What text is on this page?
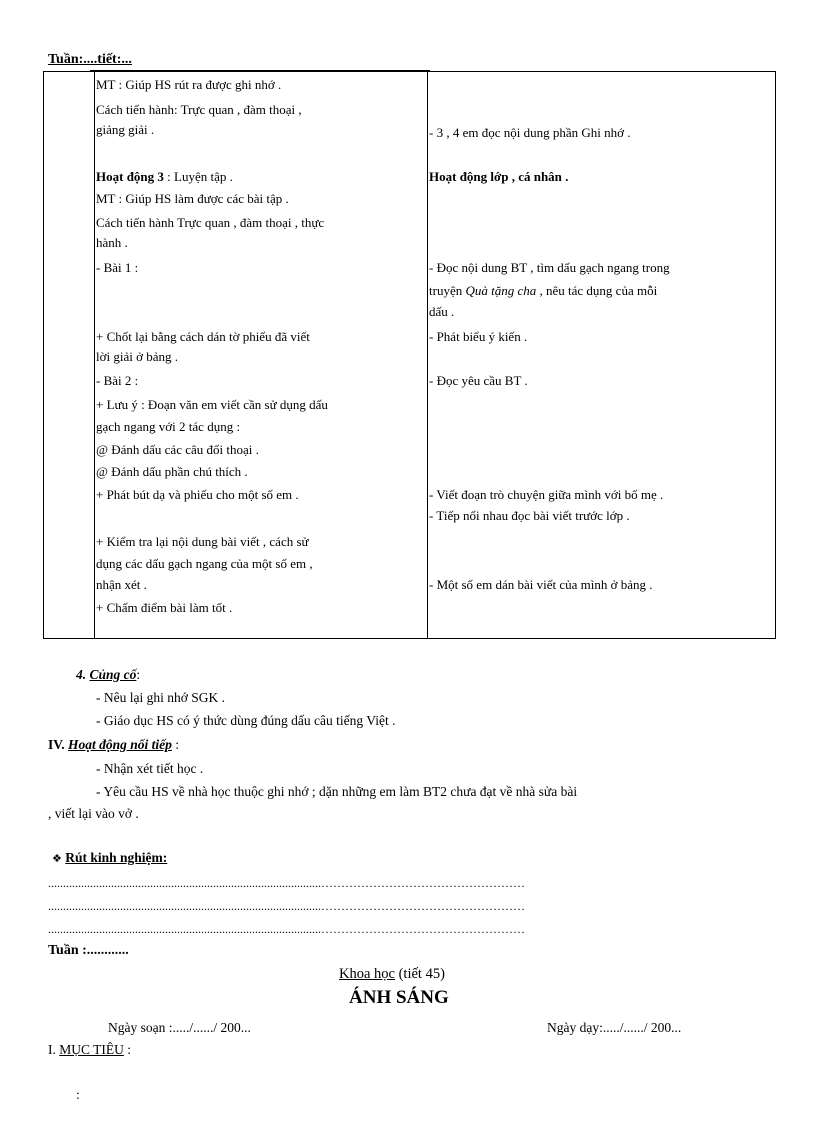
Tuần:....tiết:...
MT : Giúp HS rút ra được ghi nhớ .
Cách tiến hành: Trực quan , đàm thoại ,
giảng giải .
Hoạt động 3 : Luyện tập .
MT : Giúp HS làm được các bài tập .
Cách tiến hành Trực quan , đàm thoại , thực
hành .
- Bài 1 :
+ Chốt lại bằng cách dán tờ phiếu đã viết
lời giải ở bảng .
- Bài 2 :
+ Lưu ý : Đoạn văn em viết cần sử dụng dấu
gạch ngang với 2 tác dụng :
@ Đánh dấu các câu đối thoại .
@ Đánh dấu phần chú thích .
+ Phát bút dạ và phiếu cho một số em .
+ Kiểm tra lại nội dung bài viết , cách sử
dụng các dấu gạch ngang của một số em ,
nhận xét .
+ Chấm điểm bài làm tốt .
- 3 , 4 em đọc nội dung phần Ghi nhớ .
Hoạt động lớp , cá nhân .
- Đọc nội dung BT , tìm dấu gạch ngang trong
truyện Quà tặng cha , nêu tác dụng của mỗi
dấu .
- Phát biểu ý kiến .
- Đọc yêu cầu BT .
- Viết đoạn trò chuyện giữa mình với bố mẹ .
- Tiếp nối nhau đọc bài viết trước lớp .
- Một số em dán bài viết của mình ở bảng .
4. Củng cố:
- Nêu lại ghi nhớ SGK .
- Giáo dục HS có ý thức dùng đúng dấu câu tiếng Việt .
IV. Hoạt động nối tiếp :
- Nhận xét tiết học .
- Yêu cầu HS về nhà học thuộc ghi nhớ ; dặn những em làm BT2 chưa đạt về nhà sửa bài
, viết lại vào vở .
❖ Rút kinh nghiệm:
...........................................................................................……………………………………………
...........................................................................................……………………………………………
...........................................................................................……………………………………………
Tuần :............
Khoa học (tiết 45)
ÁNH SÁNG
Ngày soạn :...../....../ 200...	Ngày dạy:...../....../ 200...
I. MỤC TIÊU :
:
